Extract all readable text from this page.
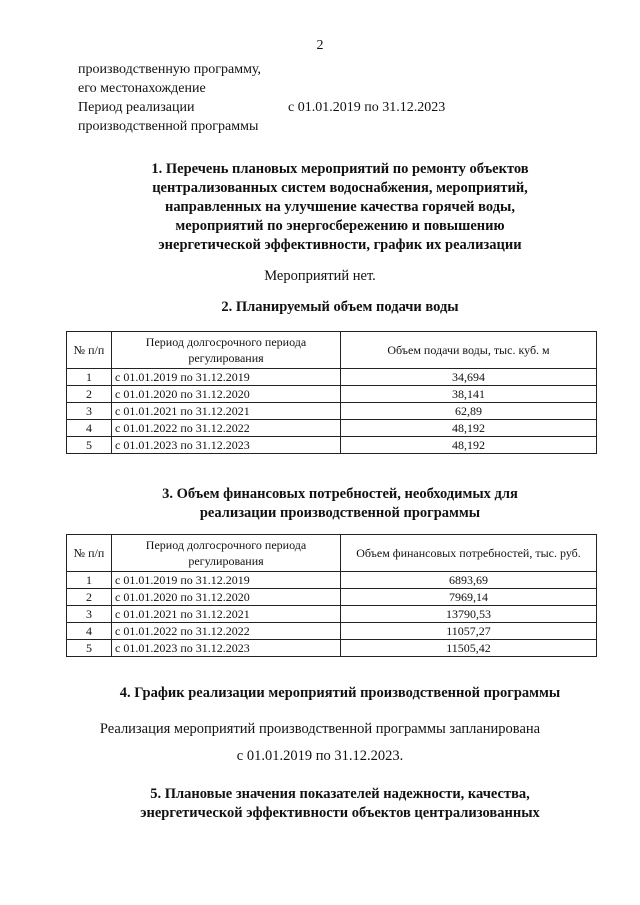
2
производственную программу,
его местонахождение
Период реализации	с 01.01.2019 по 31.12.2023
производственной программы
1. Перечень плановых мероприятий по ремонту объектов
централизованных систем водоснабжения, мероприятий,
направленных на улучшение качества горячей воды,
мероприятий по энергосбережению и повышению
энергетической эффективности, график их реализации
Мероприятий нет.
2. Планируемый объем подачи воды
№ п/п	Период долгосрочного периода регулирования	Объем подачи воды, тыс. куб. м
1	с 01.01.2019 по 31.12.2019	34,694
2	с 01.01.2020 по 31.12.2020	38,141
3	с 01.01.2021 по 31.12.2021	62,89
4	с 01.01.2022 по 31.12.2022	48,192
5	с 01.01.2023 по 31.12.2023	48,192
3. Объем финансовых потребностей, необходимых для
реализации производственной программы
№ п/п	Период долгосрочного периода регулирования	Объем финансовых потребностей, тыс. руб.
1	с 01.01.2019 по 31.12.2019	6893,69
2	с 01.01.2020 по 31.12.2020	7969,14
3	с 01.01.2021 по 31.12.2021	13790,53
4	с 01.01.2022 по 31.12.2022	11057,27
5	с 01.01.2023 по 31.12.2023	11505,42
4. График реализации мероприятий производственной программы
Реализация мероприятий производственной программы запланирована
с 01.01.2019 по 31.12.2023.
5. Плановые значения показателей надежности, качества,
энергетической эффективности объектов централизованных
